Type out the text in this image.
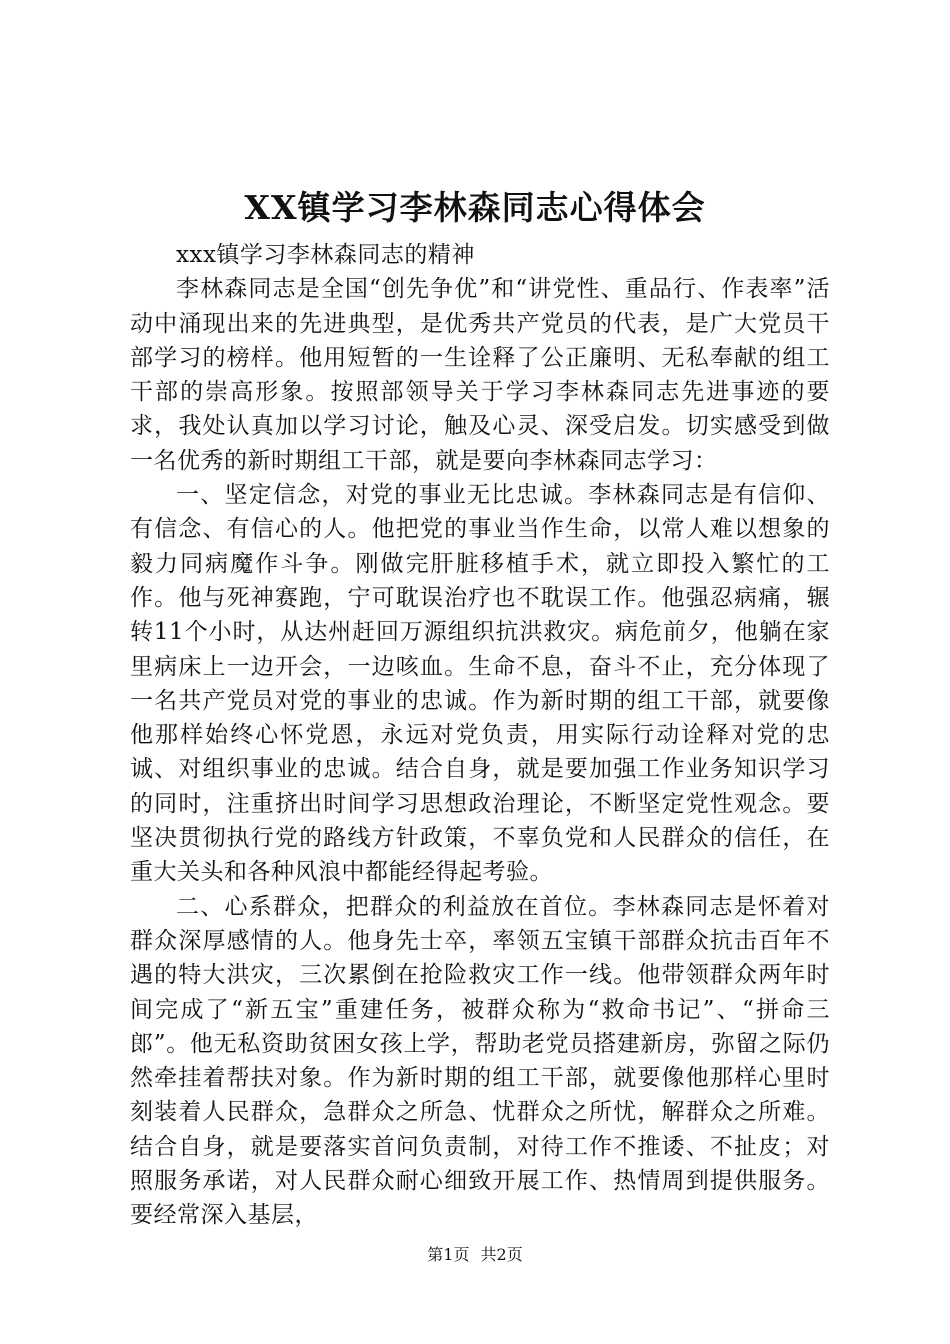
XX镇学习李林森同志心得体会

xxx镇学习李林森同志的精神

李林森同志是全国“创先争优”和“讲党性、重品行、作表率”活动中涌现出来的先进典型，是优秀共产党员的代表，是广大党员干部学习的榜样。他用短暂的一生诠释了公正廉明、无私奉献的组工干部的崇高形象。按照部领导关于学习李林森同志先进事迹的要求，我处认真加以学习讨论，触及心灵、深受启发。切实感受到做一名优秀的新时期组工干部，就是要向李林森同志学习：

一、坚定信念，对党的事业无比忠诚。李林森同志是有信仰、有信念、有信心的人。他把党的事业当作生命，以常人难以想象的毅力同病魔作斗争。刚做完肝脏移植手术，就立即投入繁忙的工作。他与死神赛跑，宁可耽误治疗也不耽误工作。他强忍病痛，辗转11个小时，从达州赶回万源组织抗洪救灾。病危前夕，他躺在家里病床上一边开会，一边咳血。生命不息，奋斗不止，充分体现了一名共产党员对党的事业的忠诚。作为新时期的组工干部，就要像他那样始终心怀党恩，永远对党负责，用实际行动诠释对党的忠诚、对组织事业的忠诚。结合自身，就是要加强工作业务知识学习的同时，注重挤出时间学习思想政治理论，不断坚定党性观念。要坚决贯彻执行党的路线方针政策，不辜负党和人民群众的信任，在重大关头和各种风浪中都能经得起考验。

二、心系群众，把群众的利益放在首位。李林森同志是怀着对群众深厚感情的人。他身先士卒，率领五宝镇干部群众抗击百年不遇的特大洪灾，三次累倒在抢险救灾工作一线。他带领群众两年时间完成了“新五宝”重建任务，被群众称为“救命书记”、“拼命三郎”。他无私资助贫困女孩上学，帮助老党员搭建新房，弥留之际仍然牵挂着帮扶对象。作为新时期的组工干部，就要像他那样心里时刻装着人民群众，急群众之所急、忧群众之所忧，解群众之所难。结合自身，就是要落实首问负责制，对待工作不推诿、不扯皮；对照服务承诺，对人民群众耐心细致开展工作、热情周到提供服务。要经常深入基层，

第1页 共2页
